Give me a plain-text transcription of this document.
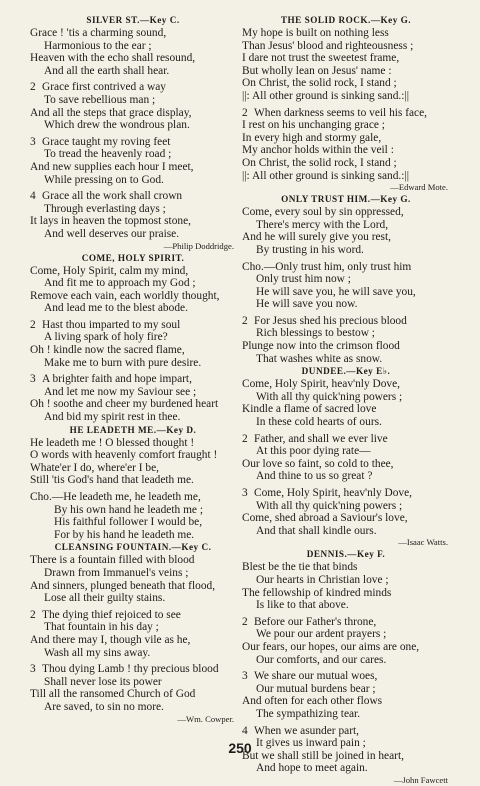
SILVER ST.—Key C.
Grace ! 'tis a charming sound,
Harmonious to the ear ;
Heaven with the echo shall resound,
And all the earth shall hear.
2 Grace first contrived a way
To save rebellious man ;
And all the steps that grace display,
Which drew the wondrous plan.
3 Grace taught my roving feet
To tread the heavenly road ;
And new supplies each hour I meet,
While pressing on to God.
4 Grace all the work shall crown
Through everlasting days ;
It lays in heaven the topmost stone,
And well deserves our praise.
—Philip Doddridge.
COME, HOLY SPIRIT.
Come, Holy Spirit, calm my mind,
And fit me to approach my God ;
Remove each vain, each worldly thought,
And lead me to the blest abode.
2 Hast thou imparted to my soul
A living spark of holy fire?
Oh ! kindle now the sacred flame,
Make me to burn with pure desire.
3 A brighter faith and hope impart,
And let me now my Saviour see ;
Oh ! soothe and cheer my burdened heart
And bid my spirit rest in thee.
HE LEADETH ME.—Key D.
He leadeth me ! O blessed thought !
O words with heavenly comfort fraught !
Whate'er I do, where'er I be,
Still 'tis God's hand that leadeth me.
Cho.—He leadeth me, he leadeth me,
By his own hand he leadeth me ;
His faithful follower I would be,
For by his hand he leadeth me.
CLEANSING FOUNTAIN.—Key C.
There is a fountain filled with blood
Drawn from Immanuel's veins ;
And sinners, plunged beneath that flood,
Lose all their guilty stains.
2 The dying thief rejoiced to see
That fountain in his day ;
And there may I, though vile as he,
Wash all my sins away.
3 Thou dying Lamb ! thy precious blood
Shall never lose its power
Till all the ransomed Church of God
Are saved, to sin no more.
—Wm. Cowper.
THE SOLID ROCK.—Key G.
My hope is built on nothing less
Than Jesus' blood and righteousness ;
I dare not trust the sweetest frame,
But wholly lean on Jesus' name :
On Christ, the solid rock, I stand ;
||: All other ground is sinking sand.:||
2 When darkness seems to veil his face,
I rest on his unchanging grace ;
In every high and stormy gale,
My anchor holds within the veil :
On Christ, the solid rock, I stand ;
||: All other ground is sinking sand.:||
—Edward Mote.
ONLY TRUST HIM.—Key G.
Come, every soul by sin oppressed,
There's mercy with the Lord,
And he will surely give you rest,
By trusting in his word.
Cho.—Only trust him, only trust him
Only trust him now ;
He will save you, he will save you,
He will save you now.
2 For Jesus shed his precious blood
Rich blessings to bestow ;
Plunge now into the crimson flood
That washes white as snow.
DUNDEE.—Key E♭.
Come, Holy Spirit, heav'nly Dove,
With all thy quick'ning powers ;
Kindle a flame of sacred love
In these cold hearts of ours.
2 Father, and shall we ever live
At this poor dying rate—
Our love so faint, so cold to thee,
And thine to us so great ?
3 Come, Holy Spirit, heav'nly Dove,
With all thy quick'ning powers ;
Come, shed abroad a Saviour's love,
And that shall kindle ours.
—Isaac Watts.
DENNIS.—Key F.
Blest be the tie that binds
Our hearts in Christian love ;
The fellowship of kindred minds
Is like to that above.
2 Before our Father's throne,
We pour our ardent prayers ;
Our fears, our hopes, our aims are one,
Our comforts, and our cares.
3 We share our mutual woes,
Our mutual burdens bear ;
And often for each other flows
The sympathizing tear.
4 When we asunder part,
It gives us inward pain ;
But we shall still be joined in heart,
And hope to meet again.
—John Fawcett
250
